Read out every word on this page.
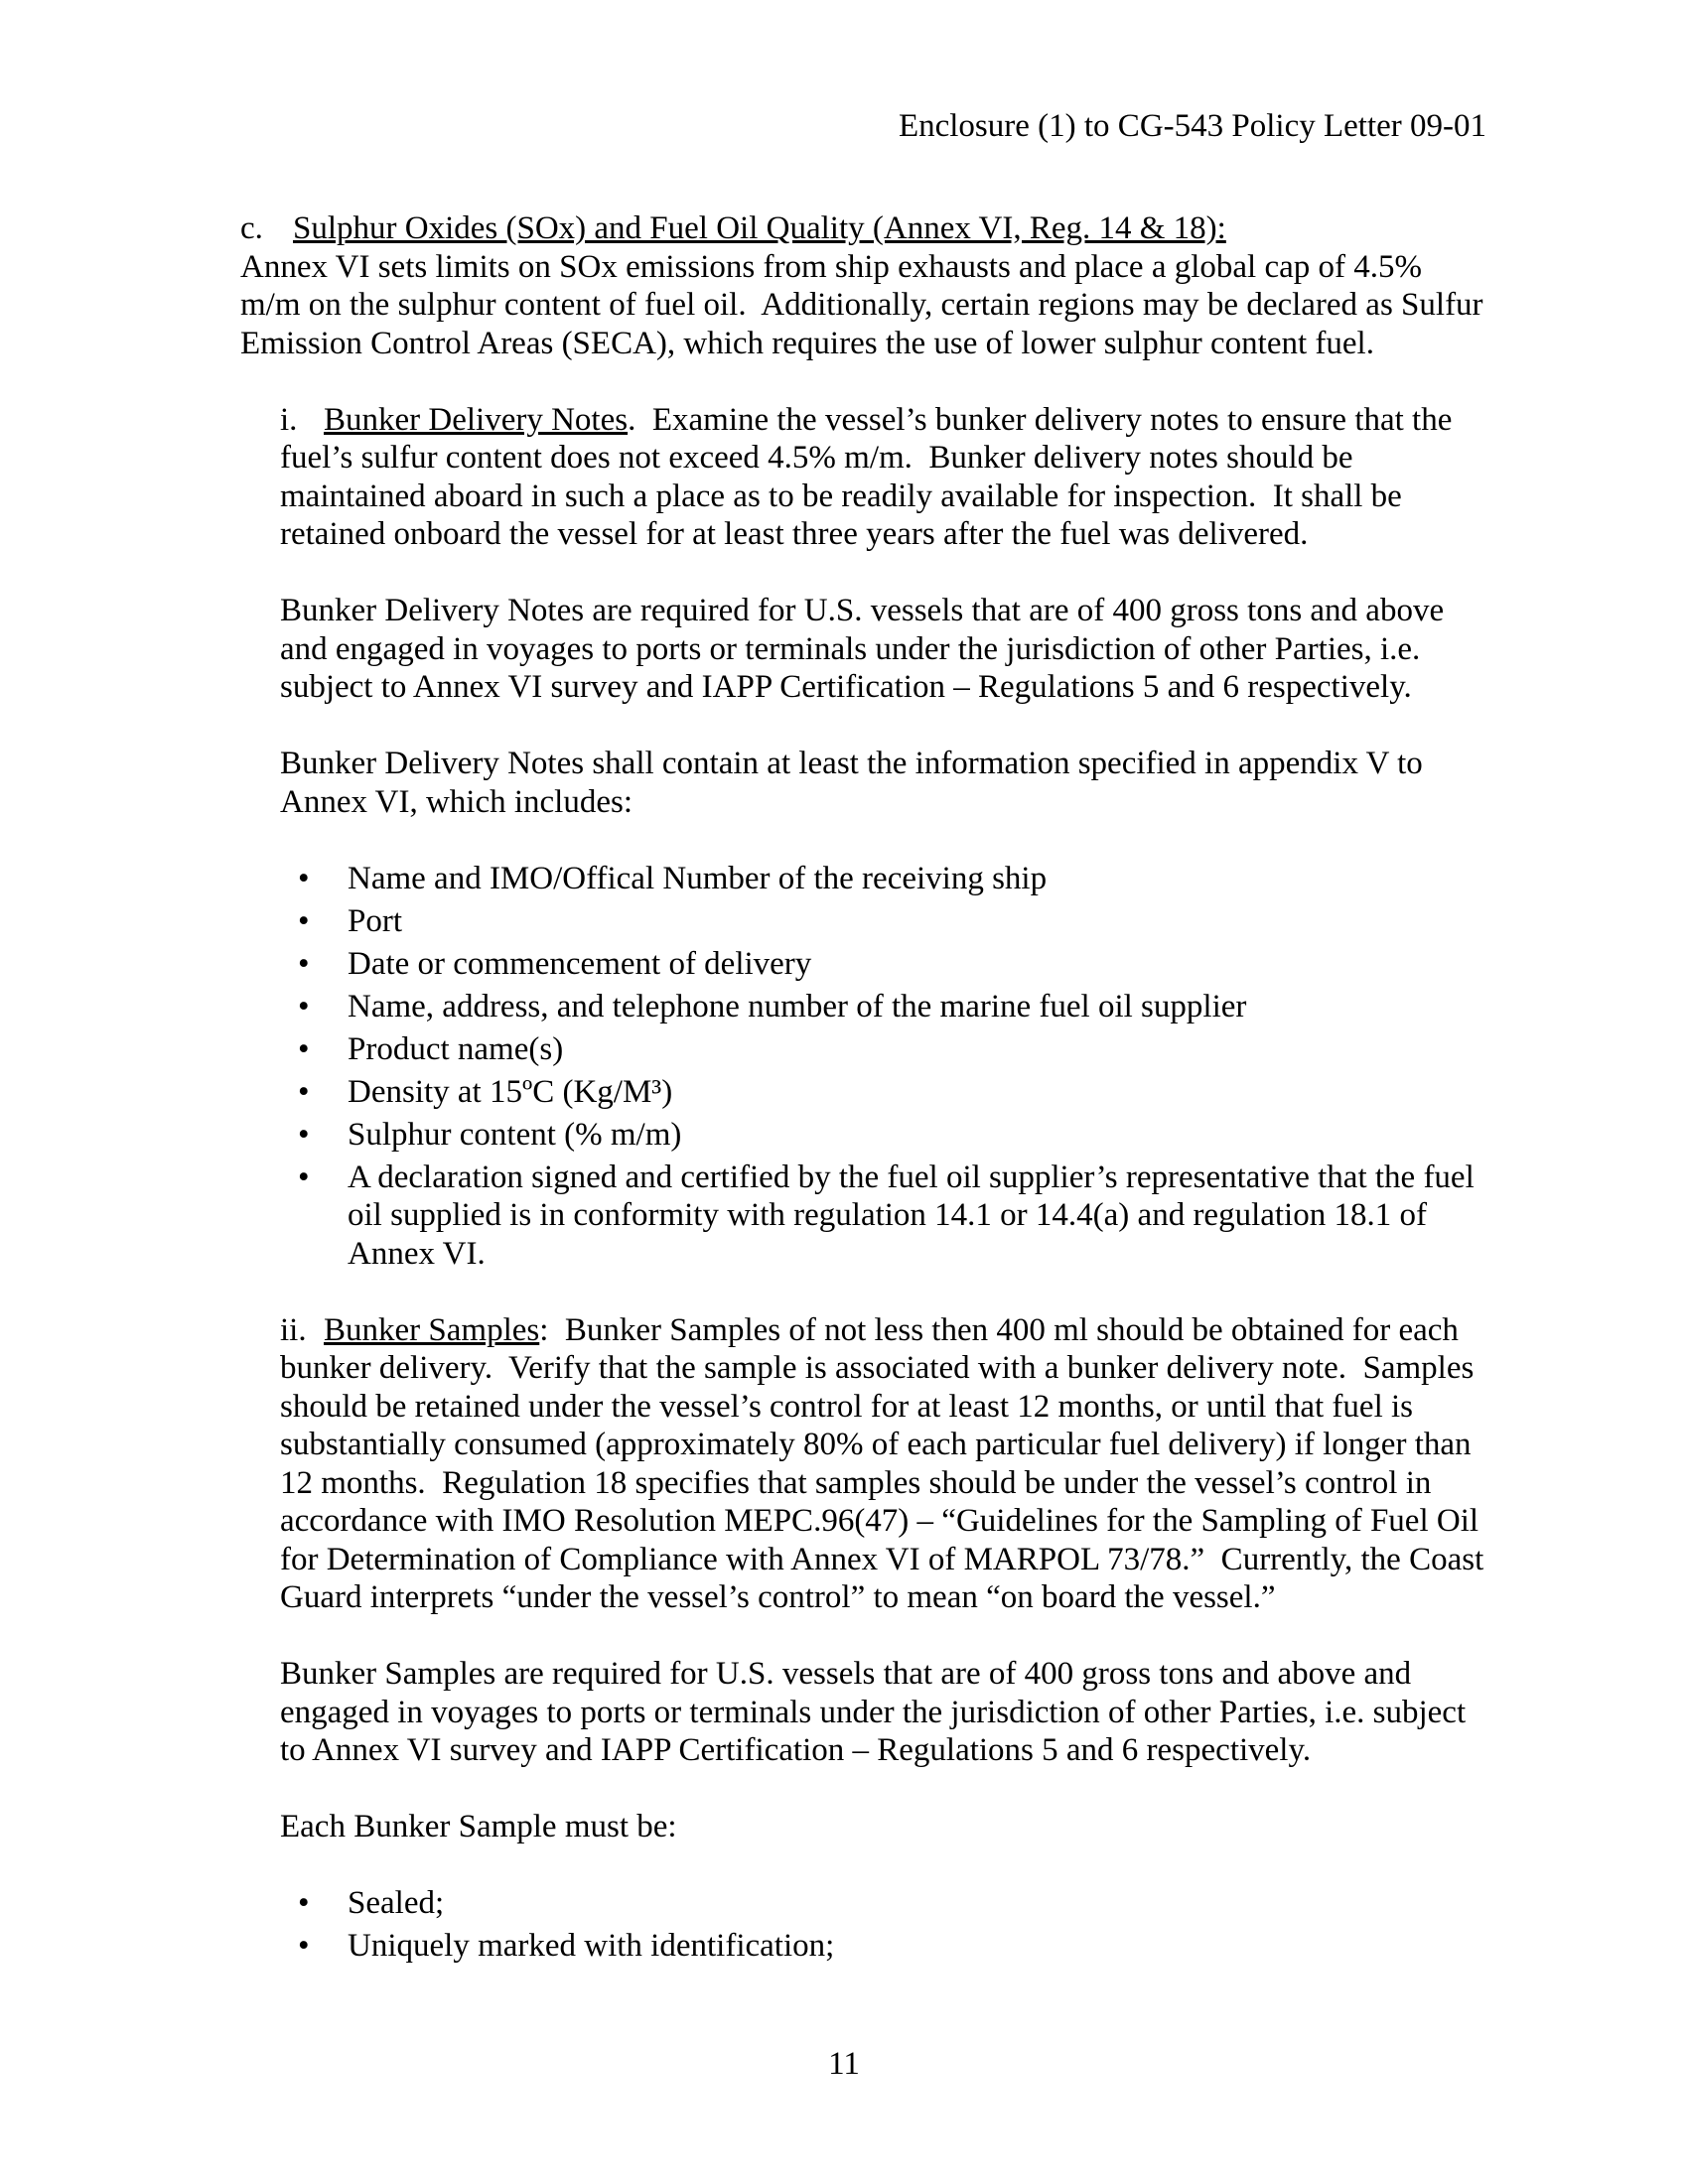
Enclosure (1) to CG-543 Policy Letter 09-01

c. Sulphur Oxides (SOx) and Fuel Oil Quality (Annex VI, Reg. 14 & 18):

Annex VI sets limits on SOx emissions from ship exhausts and place a global cap of 4.5% m/m on the sulphur content of fuel oil.  Additionally, certain regions may be declared as Sulfur Emission Control Areas (SECA), which requires the use of lower sulphur content fuel.

i. Bunker Delivery Notes.  Examine the vessel’s bunker delivery notes to ensure that the fuel’s sulfur content does not exceed 4.5% m/m.  Bunker delivery notes should be maintained aboard in such a place as to be readily available for inspection.  It shall be retained onboard the vessel for at least three years after the fuel was delivered.

Bunker Delivery Notes are required for U.S. vessels that are of 400 gross tons and above and engaged in voyages to ports or terminals under the jurisdiction of other Parties, i.e. subject to Annex VI survey and IAPP Certification – Regulations 5 and 6 respectively.

Bunker Delivery Notes shall contain at least the information specified in appendix V to Annex VI, which includes:

• Name and IMO/Offical Number of the receiving ship
• Port
• Date or commencement of delivery
• Name, address, and telephone number of the marine fuel oil supplier
• Product name(s)
• Density at 15ºC (Kg/M³)
• Sulphur content (% m/m)
• A declaration signed and certified by the fuel oil supplier’s representative that the fuel oil supplied is in conformity with regulation 14.1 or 14.4(a) and regulation 18.1 of Annex VI.

ii. Bunker Samples:  Bunker Samples of not less then 400 ml should be obtained for each bunker delivery.  Verify that the sample is associated with a bunker delivery note.  Samples should be retained under the vessel’s control for at least 12 months, or until that fuel is substantially consumed (approximately 80% of each particular fuel delivery) if longer than 12 months.  Regulation 18 specifies that samples should be under the vessel’s control in accordance with IMO Resolution MEPC.96(47) – “Guidelines for the Sampling of Fuel Oil for Determination of Compliance with Annex VI of MARPOL 73/78.”  Currently, the Coast Guard interprets “under the vessel’s control” to mean “on board the vessel.”

Bunker Samples are required for U.S. vessels that are of 400 gross tons and above and engaged in voyages to ports or terminals under the jurisdiction of other Parties, i.e. subject to Annex VI survey and IAPP Certification – Regulations 5 and 6 respectively.

Each Bunker Sample must be:

• Sealed;
• Uniquely marked with identification;
11
